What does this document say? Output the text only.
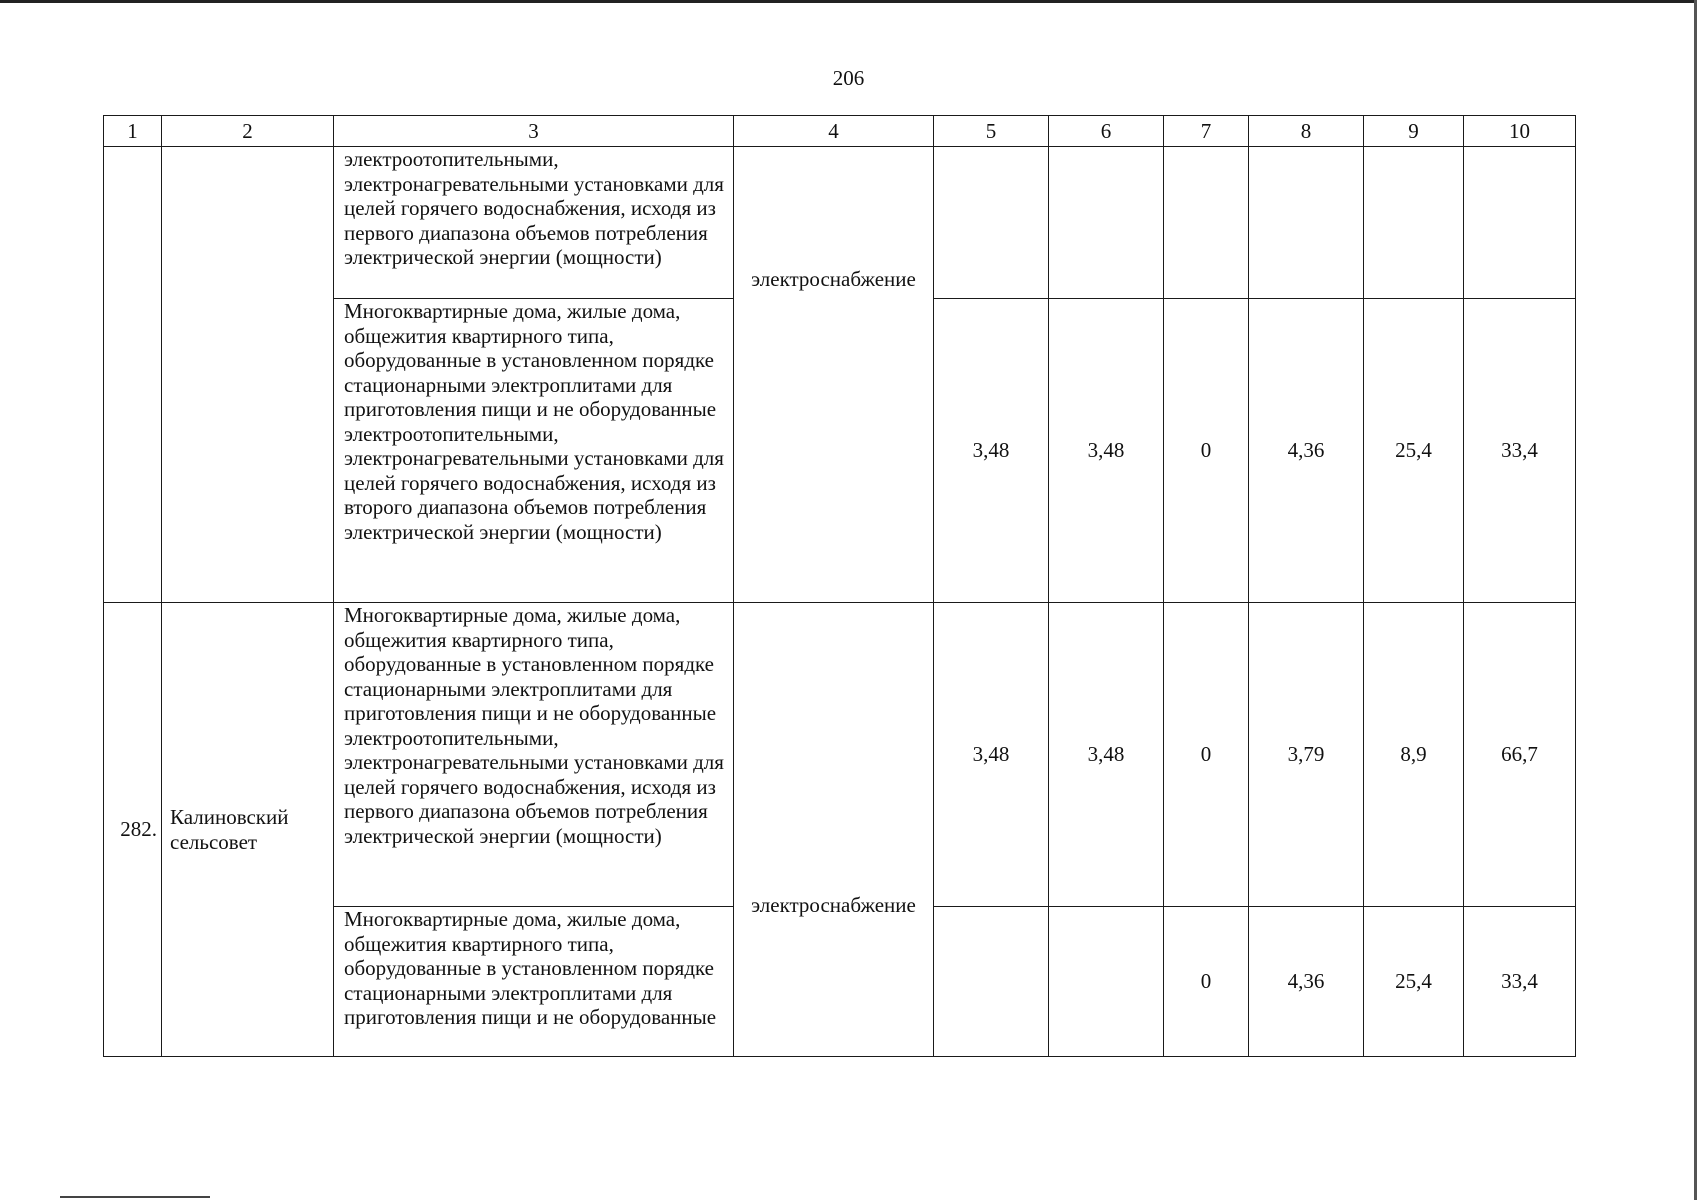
206
1	2	3	4	5	6	7	8	9	10
		электроотопительными, электронагревательными установками для целей горячего водоснабжения, исходя из первого диапазона объемов потребления электрической энергии (мощности)	электроснабжение						
		Многоквартирные дома, жилые дома, общежития квартирного типа, оборудованные в установленном порядке стационарными электроплитами для приготовления пищи и не оборудованные электроотопительными, электронагревательными установками для целей горячего водоснабжения, исходя из второго диапазона объемов потребления электрической энергии (мощности)		3,48	3,48	0	4,36	25,4	33,4
282.	Калиновский сельсовет	Многоквартирные дома, жилые дома, общежития квартирного типа, оборудованные в установленном порядке стационарными электроплитами для приготовления пищи и не оборудованные электроотопительными, электронагревательными установками для целей горячего водоснабжения, исходя из первого диапазона объемов потребления электрической энергии (мощности)	электроснабжение	3,48	3,48	0	3,79	8,9	66,7
		Многоквартирные дома, жилые дома, общежития квартирного типа, оборудованные в установленном порядке стационарными электроплитами для приготовления пищи и не оборудованные				0	4,36	25,4	33,4
